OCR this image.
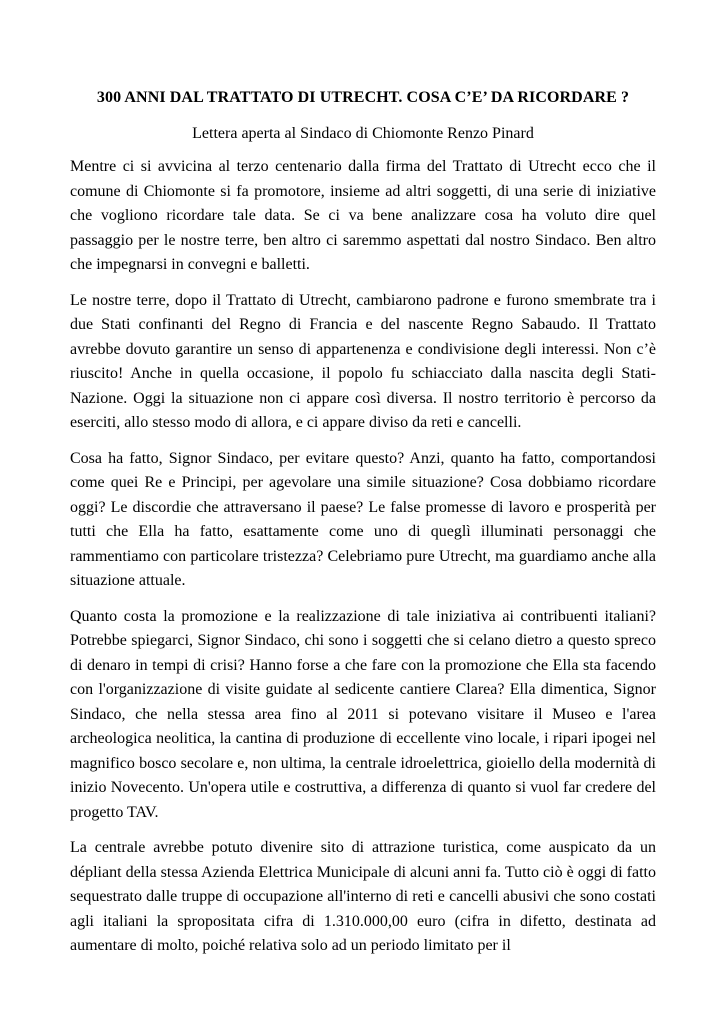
300 ANNI DAL TRATTATO DI UTRECHT. COSA C’E’ DA RICORDARE ?
Lettera aperta al Sindaco di Chiomonte Renzo Pinard

Mentre ci si avvicina al terzo centenario dalla firma del Trattato di Utrecht ecco che il comune di Chiomonte si fa promotore, insieme ad altri soggetti, di una serie di iniziative che vogliono ricordare tale data. Se ci va bene analizzare cosa ha voluto dire quel passaggio per le nostre terre, ben altro ci saremmo aspettati dal nostro Sindaco. Ben altro che impegnarsi in convegni e balletti.

Le nostre terre, dopo il Trattato di Utrecht, cambiarono padrone e furono smembrate tra i due Stati confinanti del Regno di Francia e del nascente Regno Sabaudo. Il Trattato avrebbe dovuto garantire un senso di appartenenza e condivisione degli interessi. Non c’è riuscito! Anche in quella occasione, il popolo fu schiacciato dalla nascita degli Stati-Nazione. Oggi la situazione non ci appare così diversa. Il nostro territorio è percorso da eserciti, allo stesso modo di allora, e ci appare diviso da reti e cancelli.

Cosa ha fatto, Signor Sindaco, per evitare questo? Anzi, quanto ha fatto, comportandosi come quei Re e Principi, per agevolare una simile situazione? Cosa dobbiamo ricordare oggi? Le discordie che attraversano il paese? Le false promesse di lavoro e prosperità per tutti che Ella ha fatto, esattamente come uno di queglì illuminati personaggi che rammentiamo con particolare tristezza? Celebriamo pure Utrecht, ma guardiamo anche alla situazione attuale.

Quanto costa la promozione e la realizzazione di tale iniziativa ai contribuenti italiani? Potrebbe spiegarci, Signor Sindaco, chi sono i soggetti che si celano dietro a questo spreco di denaro in tempi di crisi? Hanno forse a che fare con la promozione che Ella sta facendo con l'organizzazione di visite guidate al sedicente cantiere Clarea? Ella dimentica, Signor Sindaco, che nella stessa area fino al 2011 si potevano visitare il Museo e l'area archeologica neolitica, la cantina di produzione di eccellente vino locale, i ripari ipogei nel magnifico bosco secolare e, non ultima, la centrale idroelettrica, gioiello della modernità di inizio Novecento. Un'opera utile e costruttiva, a differenza di quanto si vuol far credere del progetto TAV.

La centrale avrebbe potuto divenire sito di attrazione turistica, come auspicato da un dépliant della stessa Azienda Elettrica Municipale di alcuni anni fa. Tutto ciò è oggi di fatto sequestrato dalle truppe di occupazione all'interno di reti e cancelli abusivi che sono costati agli italiani la spropositata cifra di 1.310.000,00 euro (cifra in difetto, destinata ad aumentare di molto, poiché relativa solo ad un periodo limitato per il
